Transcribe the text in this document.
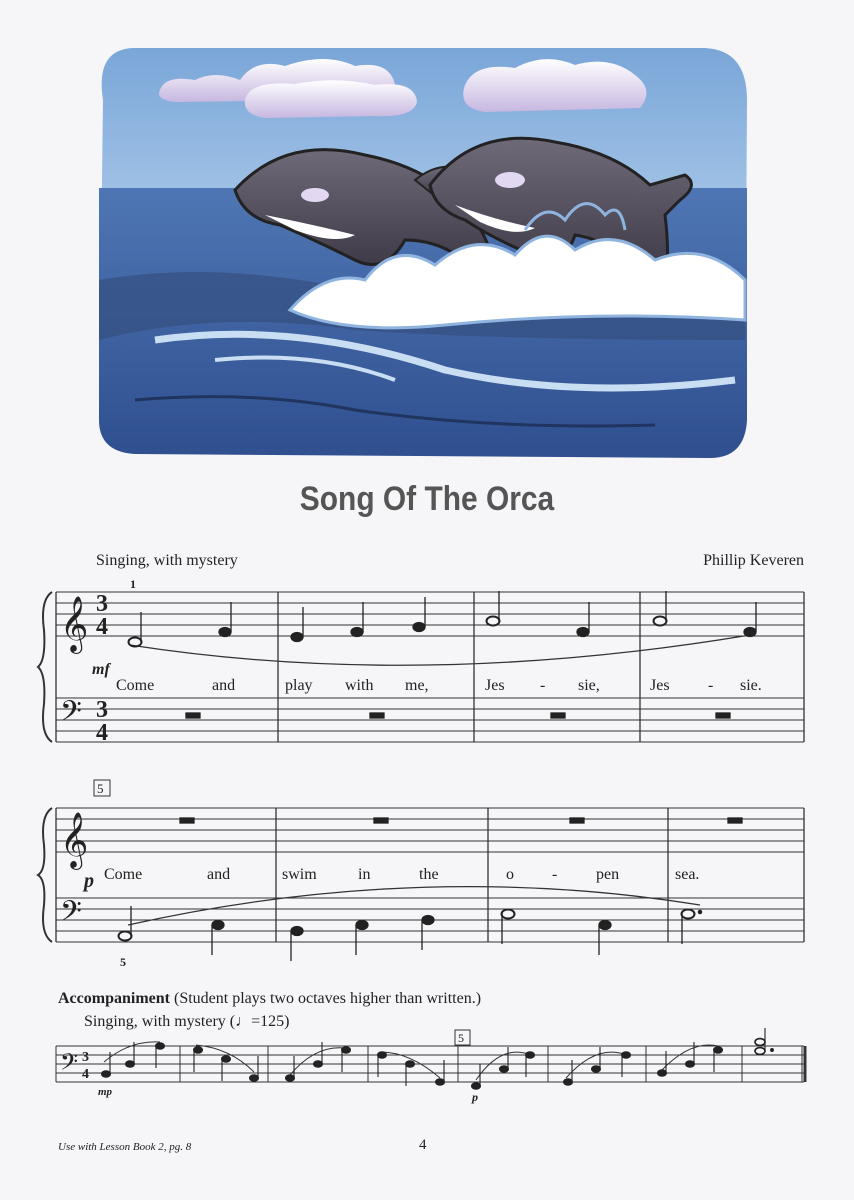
Song Of The Orca
Singing, with mystery	Phillip Keveren
𝄞
𝄢
3
4
3
4
1
mf
Come	and	play with me,	Jes - sie,	Jes - sie.
5
𝄞
𝄢
p
5
Come	and	swim	in	the	o - pen	sea.
𝄢 3
4
5
mp	p
Accompaniment (Student plays two octaves higher than written.)
Singing, with mystery (♩=125)
Use with Lesson Book 2, pg. 8	4
